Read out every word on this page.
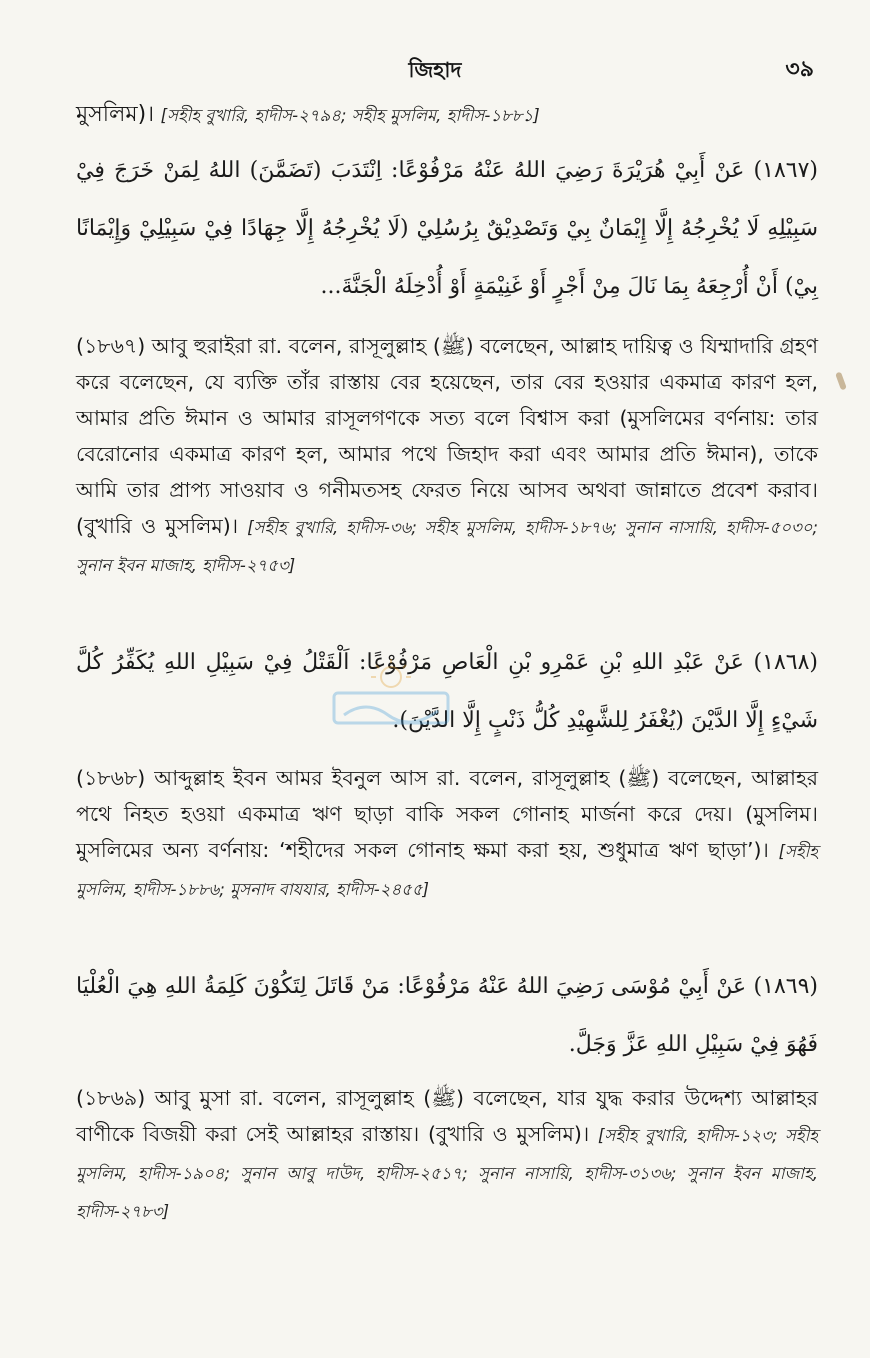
জিহাদ	৩৯
মুসলিম)। [সহীহ বুখারি, হাদীস-২৭৯৪; সহীহ মুসলিম, হাদীস-১৮৮১]
(١٨٦٧) عَنْ أَبِيْ هُرَيْرَةَ رَضِيَ اللهُ عَنْهُ مَرْفُوْعًا: اِنْتَدَبَ (تَضَمَّنَ) اللهُ لِمَنْ خَرَجَ فِيْ سَبِيْلِهِ لَا يُخْرِجُهُ إِلَّا إِيْمَانٌ بِيْ وَتَصْدِيْقٌ بِرُسُلِيْ (لَا يُخْرِجُهُ إِلَّا جِهَادًا فِيْ سَبِيْلِيْ وَإِيْمَانًا بِيْ) أَنْ أُرْجِعَهُ بِمَا نَالَ مِنْ أَجْرٍ أَوْ غَنِيْمَةٍ أَوْ أُدْخِلَهُ الْجَنَّةَ...
(১৮৬৭) আবু হুরাইরা রা. বলেন, রাসূলুল্লাহ (ﷺ) বলেছেন, আল্লাহ দায়িত্ব ও যিম্মাদারি গ্রহণ করে বলেছেন, যে ব্যক্তি তাঁর রাস্তায় বের হয়েছেন, তার বের হওয়ার একমাত্র কারণ হল, আমার প্রতি ঈমান ও আমার রাসূলগণকে সত্য বলে বিশ্বাস করা (মুসলিমের বর্ণনায়: তার বেরোনোর একমাত্র কারণ হল, আমার পথে জিহাদ করা এবং আমার প্রতি ঈমান), তাকে আমি তার প্রাপ্য সাওয়াব ও গনীমতসহ ফেরত নিয়ে আসব অথবা জান্নাতে প্রবেশ করাব। (বুখারি ও মুসলিম)। [সহীহ বুখারি, হাদীস-৩৬; সহীহ মুসলিম, হাদীস-১৮৭৬; সুনান নাসায়ি, হাদীস-৫০৩০; সুনান ইবন মাজাহ, হাদীস-২৭৫৩]
(١٨٦٨) عَنْ عَبْدِ اللهِ بْنِ عَمْرِو بْنِ الْعَاصِ مَرْفُوْعًا: اَلْقَتْلُ فِيْ سَبِيْلِ اللهِ يُكَفِّرُ كُلَّ شَيْءٍ إِلَّا الدَّيْنَ (يُغْفَرُ لِلشَّهِيْدِ كُلُّ ذَنْبٍ إِلَّا الدَّيْنَ).
(১৮৬৮) আব্দুল্লাহ ইবন আমর ইবনুল আস রা. বলেন, রাসূলুল্লাহ (ﷺ) বলেছেন, আল্লাহর পথে নিহত হওয়া একমাত্র ঋণ ছাড়া বাকি সকল গোনাহ মার্জনা করে দেয়। (মুসলিম। মুসলিমের অন্য বর্ণনায়: ‘শহীদের সকল গোনাহ ক্ষমা করা হয়, শুধুমাত্র ঋণ ছাড়া’)। [সহীহ মুসলিম, হাদীস-১৮৮৬; মুসনাদ বাযযার, হাদীস-২৪৫৫]
(١٨٦٩) عَنْ أَبِيْ مُوْسَى رَضِيَ اللهُ عَنْهُ مَرْفُوْعًا: مَنْ قَاتَلَ لِتَكُوْنَ كَلِمَةُ اللهِ هِيَ الْعُلْيَا فَهُوَ فِيْ سَبِيْلِ اللهِ عَزَّ وَجَلَّ.
(১৮৬৯) আবু মুসা রা. বলেন, রাসূলুল্লাহ (ﷺ) বলেছেন, যার যুদ্ধ করার উদ্দেশ্য আল্লাহর বাণীকে বিজয়ী করা সেই আল্লাহর রাস্তায়। (বুখারি ও মুসলিম)। [সহীহ বুখারি, হাদীস-১২৩; সহীহ মুসলিম, হাদীস-১৯০৪; সুনান আবু দাউদ, হাদীস-২৫১৭; সুনান নাসায়ি, হাদীস-৩১৩৬; সুনান ইবন মাজাহ, হাদীস-২৭৮৩]
